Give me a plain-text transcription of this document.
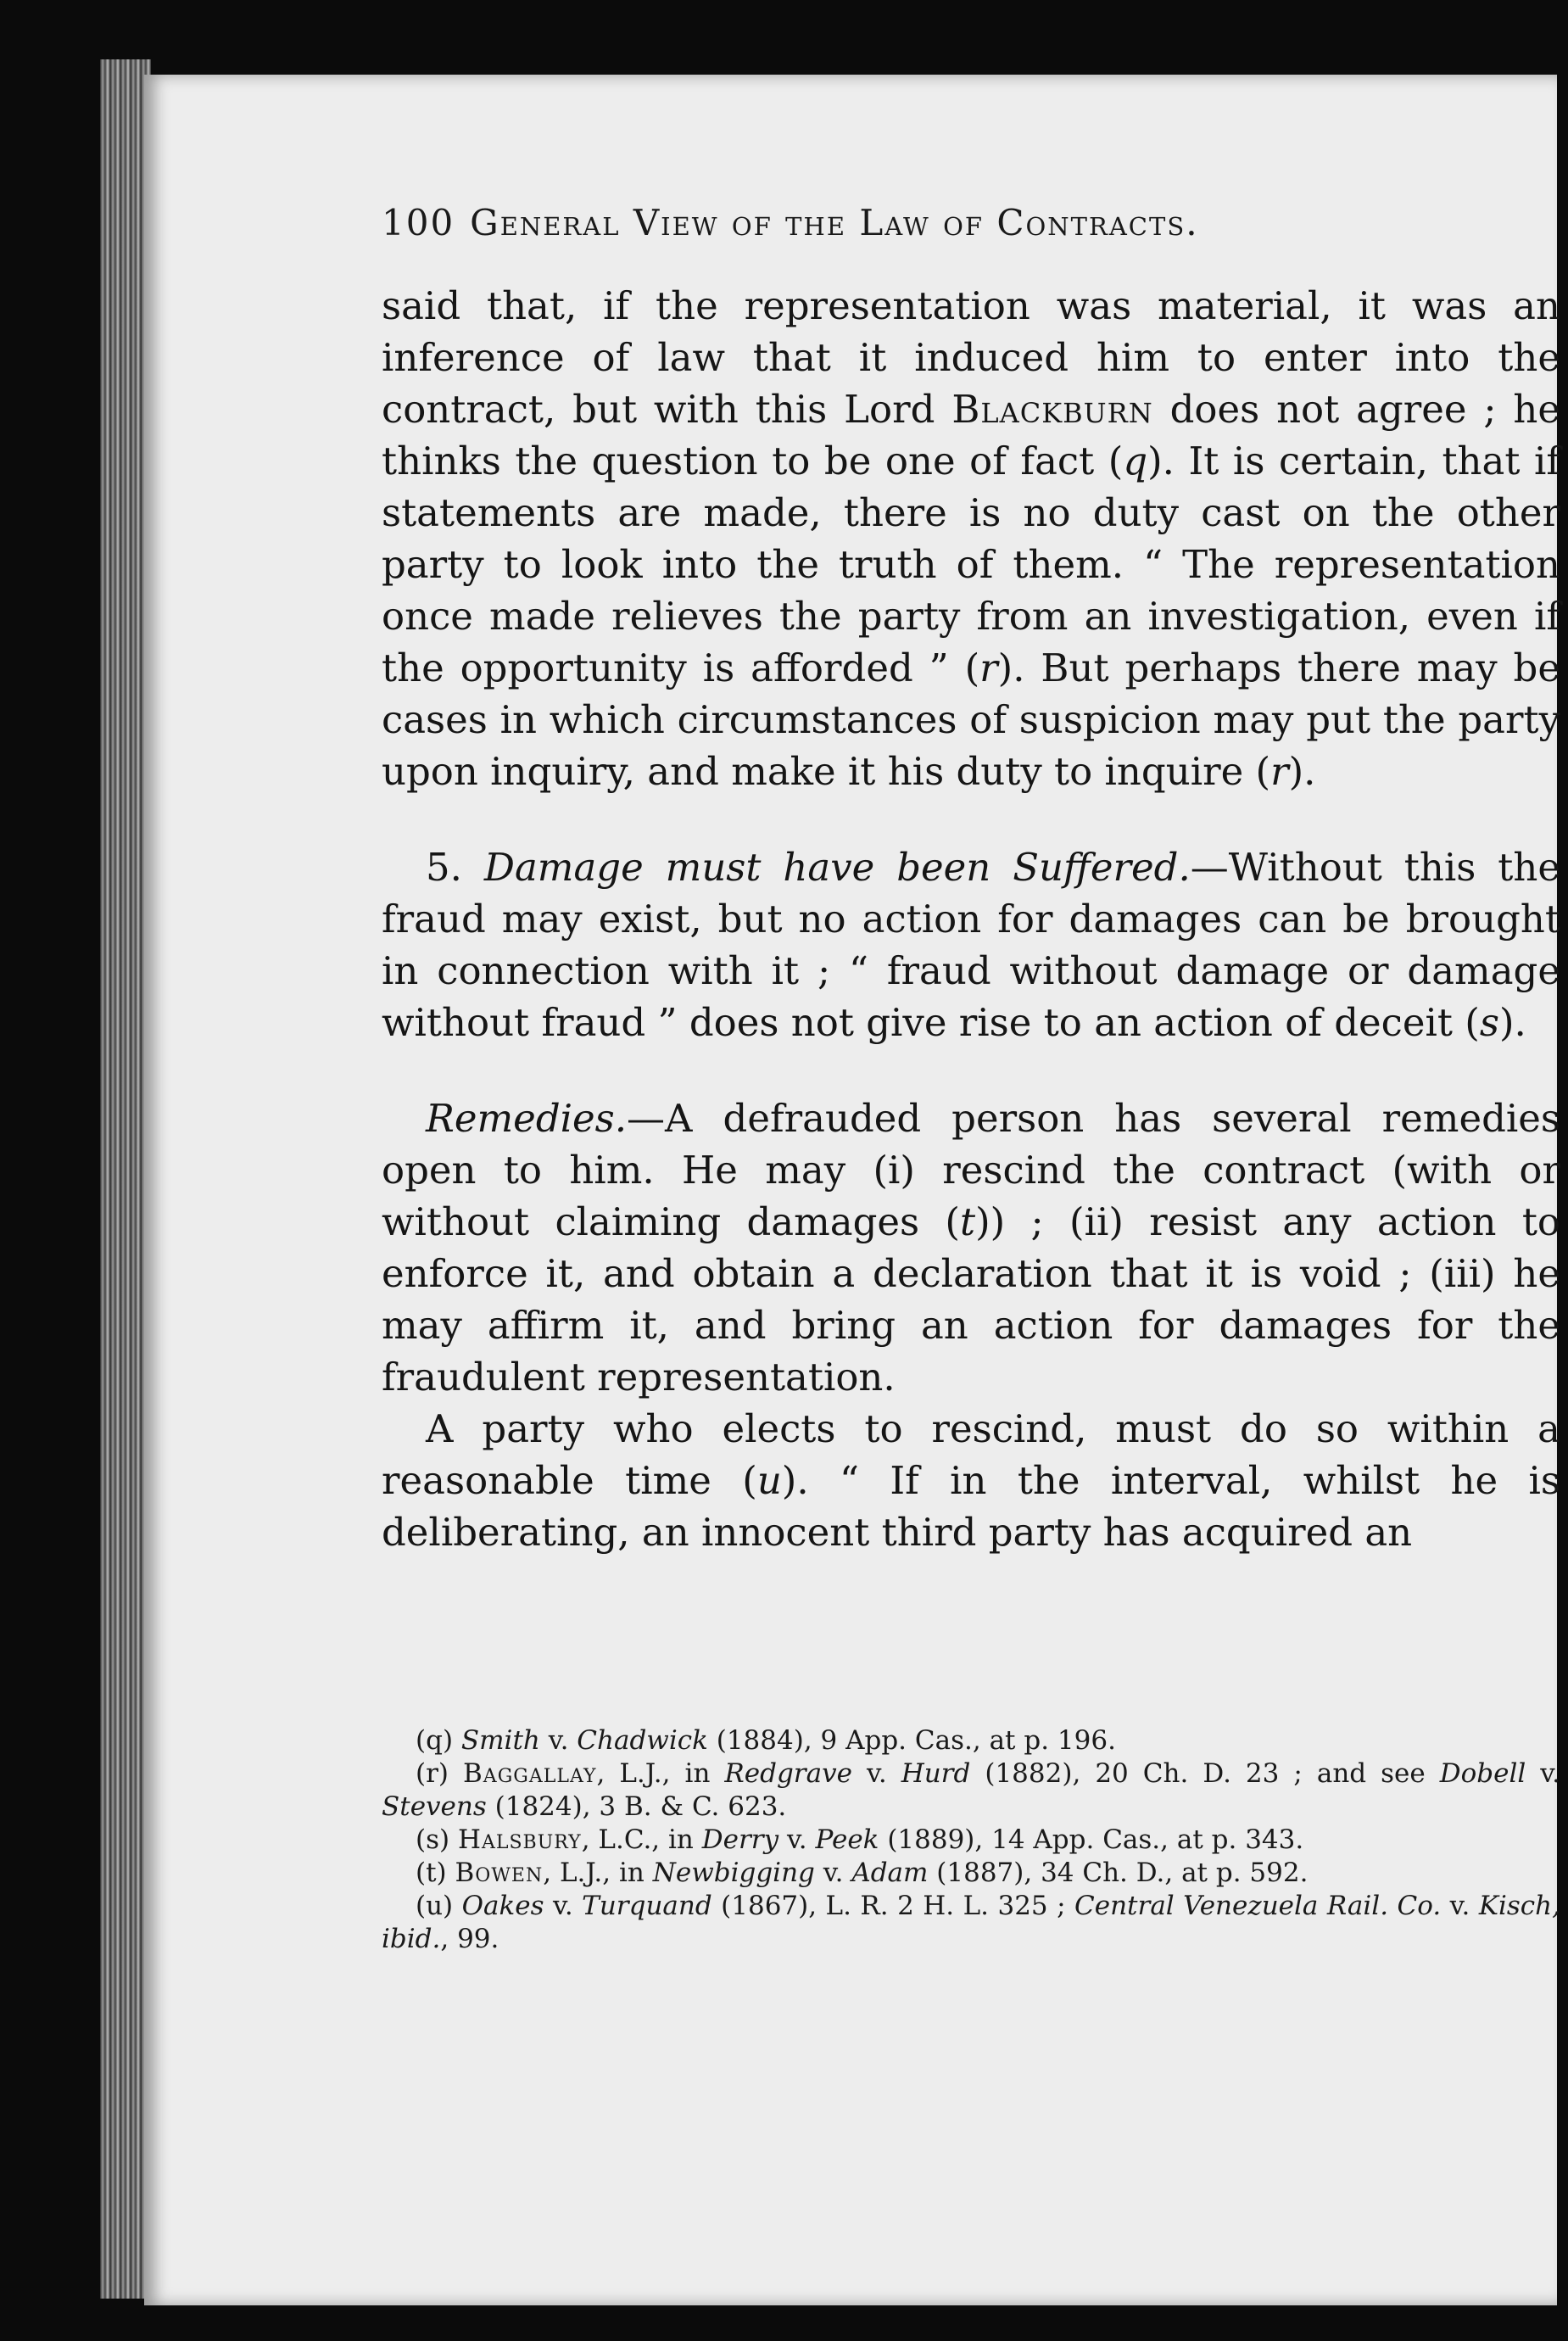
100 General View of the Law of Contracts.

said that, if the representation was material, it was an inference of law that it induced him to enter into the contract, but with this Lord Blackburn does not agree ; he thinks the question to be one of fact (q). It is certain, that if statements are made, there is no duty cast on the other party to look into the truth of them. “ The representation once made relieves the party from an investigation, even if the opportunity is afforded ” (r). But perhaps there may be cases in which circumstances of suspicion may put the party upon inquiry, and make it his duty to inquire (r).

5. Damage must have been Suffered.—Without this the fraud may exist, but no action for damages can be brought in connection with it ; “ fraud without damage or damage without fraud ” does not give rise to an action of deceit (s).

Remedies.—A defrauded person has several remedies open to him. He may (i) rescind the contract (with or without claiming damages (t)) ; (ii) resist any action to enforce it, and obtain a declaration that it is void ; (iii) he may affirm it, and bring an action for damages for the fraudulent representation.

A party who elects to rescind, must do so within a reasonable time (u). “ If in the interval, whilst he is deliberating, an innocent third party has acquired an

(q) Smith v. Chadwick (1884), 9 App. Cas., at p. 196.

(r) Baggallay, L.J., in Redgrave v. Hurd (1882), 20 Ch. D. 23 ; and see Dobell v. Stevens (1824), 3 B. & C. 623.

(s) Halsbury, L.C., in Derry v. Peek (1889), 14 App. Cas., at p. 343.

(t) Bowen, L.J., in Newbigging v. Adam (1887), 34 Ch. D., at p. 592.

(u) Oakes v. Turquand (1867), L. R. 2 H. L. 325 ; Central Venezuela Rail. Co. v. Kisch, ibid., 99.
